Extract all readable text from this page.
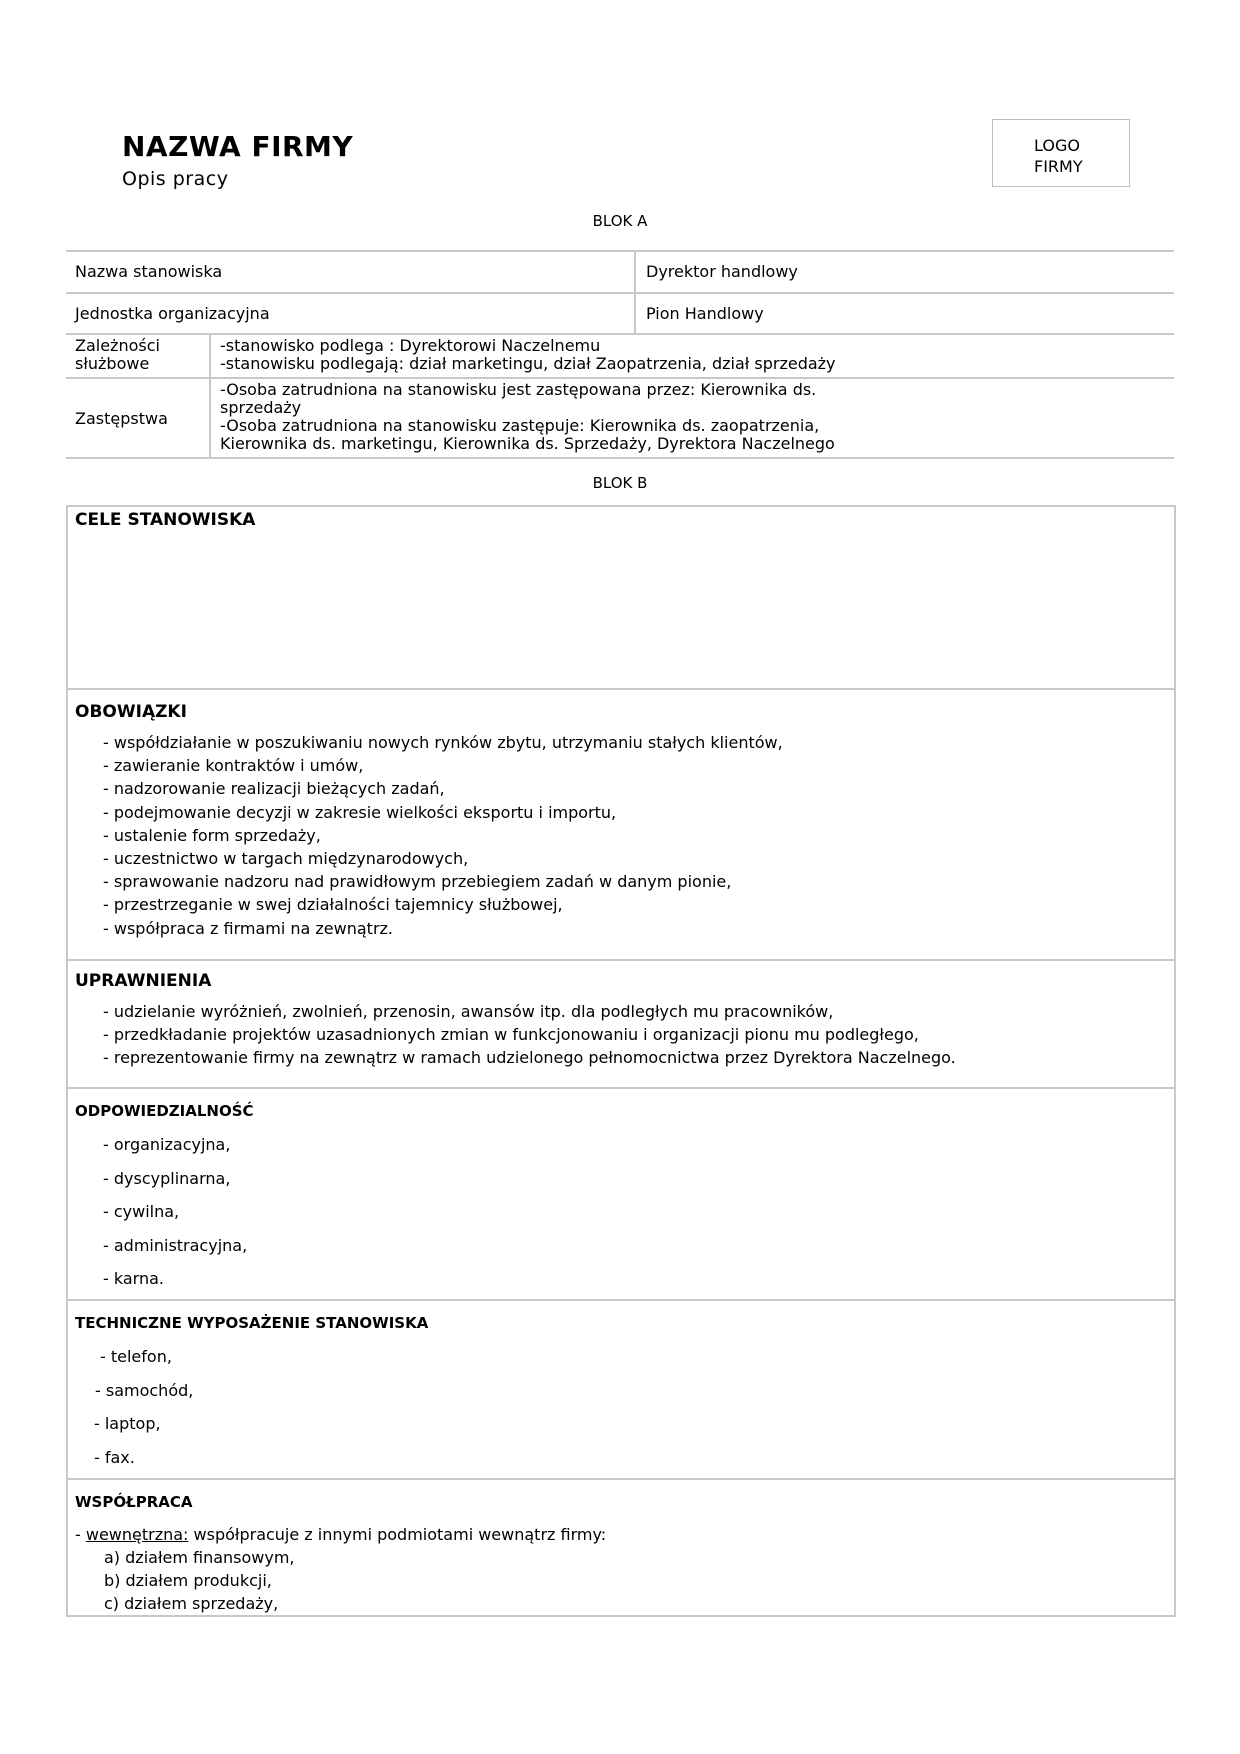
NAZWA FIRMY
Opis pracy
LOGO
FIRMY
BLOK A
Nazwa stanowiska	Dyrektor handlowy
Jednostka organizacyjna	Pion Handlowy
Zależności
służbowe
-stanowisko podlega : Dyrektorowi Naczelnemu
-stanowisku podlegają: dział marketingu, dział Zaopatrzenia, dział sprzedaży
Zastępstwa
-Osoba zatrudniona na stanowisku jest zastępowana przez: Kierownika ds.
sprzedaży
-Osoba zatrudniona na stanowisku zastępuje: Kierownika ds. zaopatrzenia,
Kierownika ds. marketingu, Kierownika ds. Sprzedaży, Dyrektora Naczelnego
BLOK B
CELE STANOWISKA
OBOWIĄZKI
- współdziałanie w poszukiwaniu nowych rynków zbytu, utrzymaniu stałych klientów,
- zawieranie kontraktów i umów,
- nadzorowanie realizacji bieżących zadań,
- podejmowanie decyzji w zakresie wielkości eksportu i importu,
- ustalenie form sprzedaży,
- uczestnictwo w targach międzynarodowych,
- sprawowanie nadzoru nad prawidłowym przebiegiem zadań w danym pionie,
- przestrzeganie w swej działalności tajemnicy służbowej,
- współpraca z firmami na zewnątrz.
UPRAWNIENIA
- udzielanie wyróżnień, zwolnień, przenosin, awansów itp. dla podległych mu pracowników,
- przedkładanie projektów uzasadnionych zmian w funkcjonowaniu i organizacji pionu mu podległego,
- reprezentowanie firmy na zewnątrz w ramach udzielonego pełnomocnictwa przez Dyrektora Naczelnego.
ODPOWIEDZIALNOŚĆ
- organizacyjna,
- dyscyplinarna,
- cywilna,
- administracyjna,
- karna.
TECHNICZNE WYPOSAŻENIE STANOWISKA
- telefon,
- samochód,
- laptop,
- fax.
WSPÓŁPRACA
- wewnętrzna: współpracuje z innymi podmiotami wewnątrz firmy:
a) działem finansowym,
b) działem produkcji,
c) działem sprzedaży,
